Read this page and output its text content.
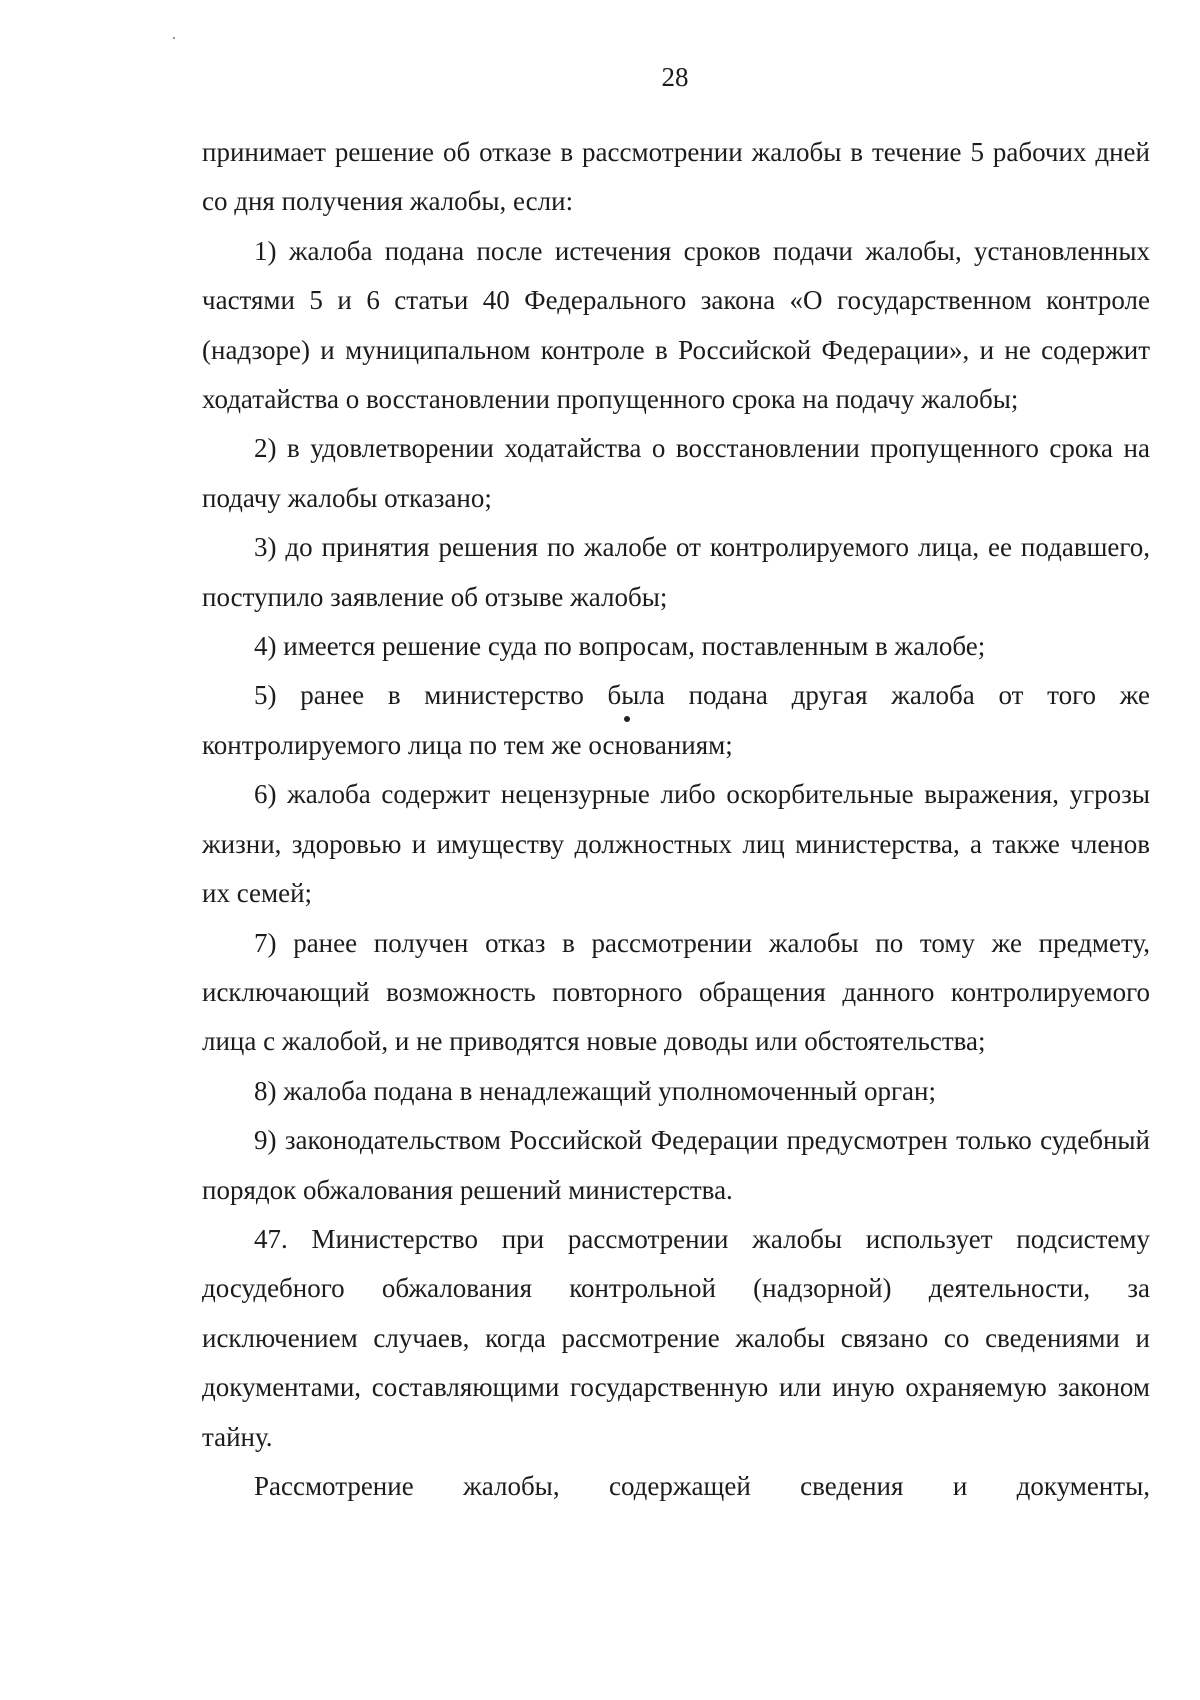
28

принимает решение об отказе в рассмотрении жалобы в течение 5 рабочих дней со дня получения жалобы, если:

1) жалоба подана после истечения сроков подачи жалобы, установленных частями 5 и 6 статьи 40 Федерального закона «О государственном контроле (надзоре) и муниципальном контроле в Российской Федерации», и не содержит ходатайства о восстановлении пропущенного срока на подачу жалобы;

2) в удовлетворении ходатайства о восстановлении пропущенного срока на подачу жалобы отказано;

3) до принятия решения по жалобе от контролируемого лица, ее подавшего, поступило заявление об отзыве жалобы;

4) имеется решение суда по вопросам, поставленным в жалобе;

5) ранее в министерство была подана другая жалоба от того же контролируемого лица по тем же основаниям;

6) жалоба содержит нецензурные либо оскорбительные выражения, угрозы жизни, здоровью и имуществу должностных лиц министерства, а также членов их семей;

7) ранее получен отказ в рассмотрении жалобы по тому же предмету, исключающий возможность повторного обращения данного контролируемого лица с жалобой, и не приводятся новые доводы или обстоятельства;

8) жалоба подана в ненадлежащий уполномоченный орган;

9) законодательством Российской Федерации предусмотрен только судебный порядок обжалования решений министерства.

47. Министерство при рассмотрении жалобы использует подсистему досудебного обжалования контрольной (надзорной) деятельности, за исключением случаев, когда рассмотрение жалобы связано со сведениями и документами, составляющими государственную или иную охраняемую законом тайну.

Рассмотрение жалобы, содержащей сведения и документы,
